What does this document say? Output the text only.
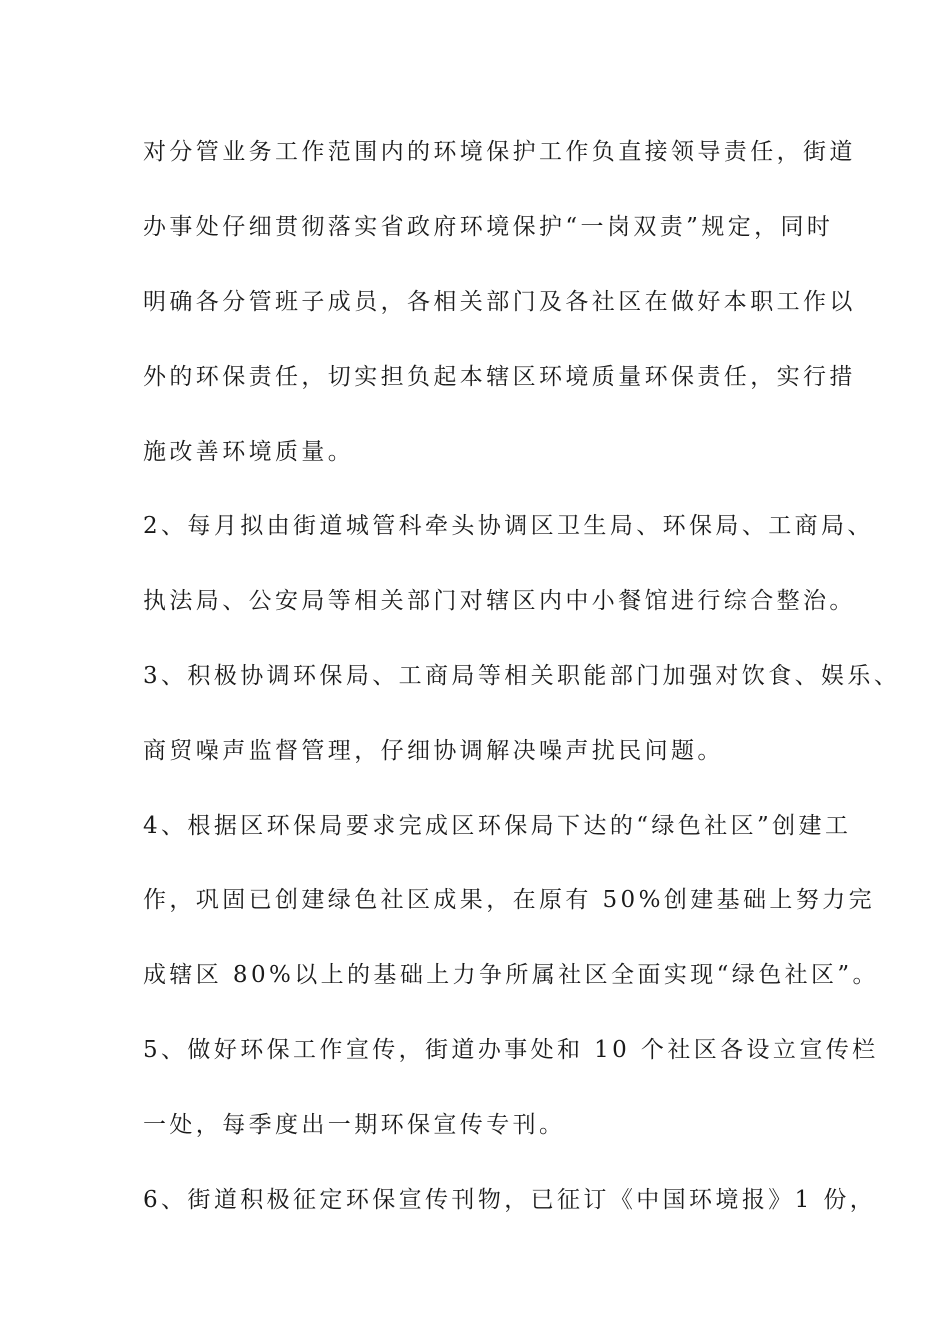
对分管业务工作范围内的环境保护工作负直接领导责任，街道
办事处仔细贯彻落实省政府环境保护“一岗双责”规定，同时
明确各分管班子成员，各相关部门及各社区在做好本职工作以
外的环保责任，切实担负起本辖区环境质量环保责任，实行措
施改善环境质量。
2、每月拟由街道城管科牵头协调区卫生局、环保局、工商局、
执法局、公安局等相关部门对辖区内中小餐馆进行综合整治。
3、积极协调环保局、工商局等相关职能部门加强对饮食、娱乐、
商贸噪声监督管理，仔细协调解决噪声扰民问题。
4、根据区环保局要求完成区环保局下达的“绿色社区”创建工
作，巩固已创建绿色社区成果，在原有 50%创建基础上努力完
成辖区 80%以上的基础上力争所属社区全面实现“绿色社区”。
5、做好环保工作宣传，街道办事处和 10 个社区各设立宣传栏
一处，每季度出一期环保宣传专刊。
6、街道积极征定环保宣传刊物，已征订《中国环境报》1 份，
